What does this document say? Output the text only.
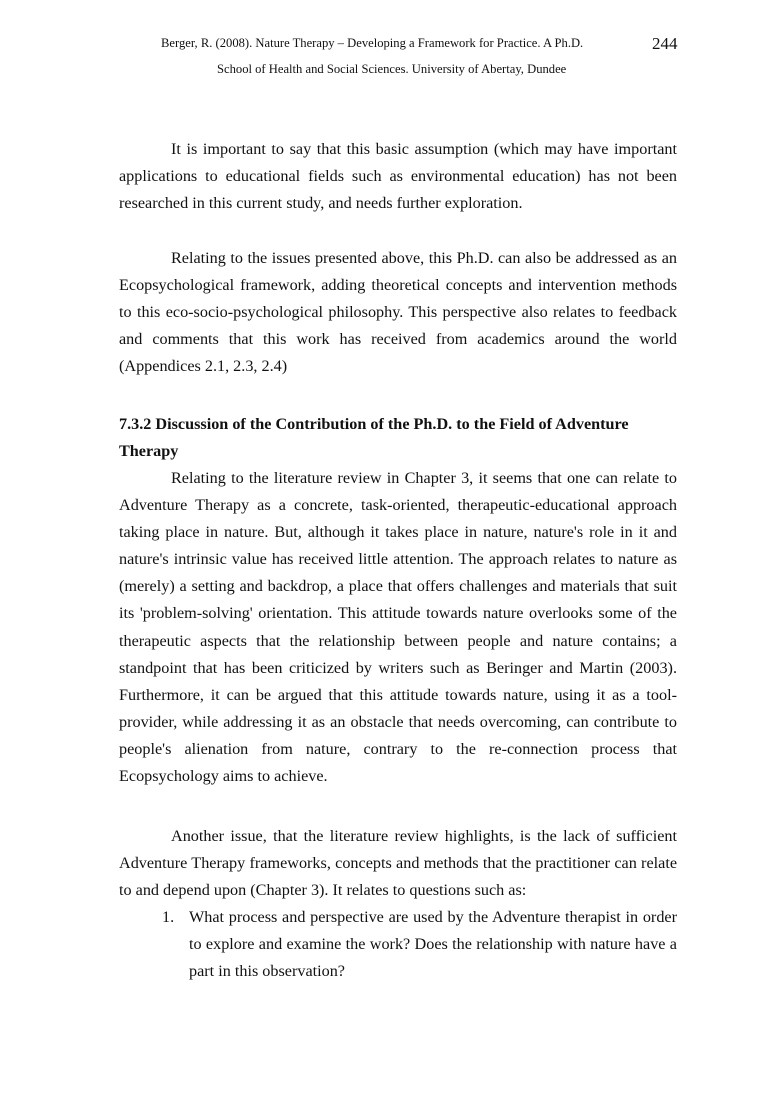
Berger, R. (2008). Nature Therapy – Developing a Framework for Practice. A Ph.D.	244
School of Health and Social Sciences. University of Abertay, Dundee

It is important to say that this basic assumption (which may have important applications to educational fields such as environmental education) has not been researched in this current study, and needs further exploration.

Relating to the issues presented above, this Ph.D. can also be addressed as an Ecopsychological framework, adding theoretical concepts and intervention methods to this eco-socio-psychological philosophy. This perspective also relates to feedback and comments that this work has received from academics around the world (Appendices 2.1, 2.3, 2.4)

7.3.2 Discussion of the Contribution of the Ph.D. to the Field of Adventure Therapy

Relating to the literature review in Chapter 3, it seems that one can relate to Adventure Therapy as a concrete, task-oriented, therapeutic-educational approach taking place in nature. But, although it takes place in nature, nature's role in it and nature's intrinsic value has received little attention. The approach relates to nature as (merely) a setting and backdrop, a place that offers challenges and materials that suit its 'problem-solving' orientation. This attitude towards nature overlooks some of the therapeutic aspects that the relationship between people and nature contains; a standpoint that has been criticized by writers such as Beringer and Martin (2003). Furthermore, it can be argued that this attitude towards nature, using it as a tool-provider, while addressing it as an obstacle that needs overcoming, can contribute to people's alienation from nature, contrary to the re-connection process that Ecopsychology aims to achieve.

Another issue, that the literature review highlights, is the lack of sufficient Adventure Therapy frameworks, concepts and methods that the practitioner can relate to and depend upon (Chapter 3). It relates to questions such as:

1. What process and perspective are used by the Adventure therapist in order to explore and examine the work? Does the relationship with nature have a part in this observation?
